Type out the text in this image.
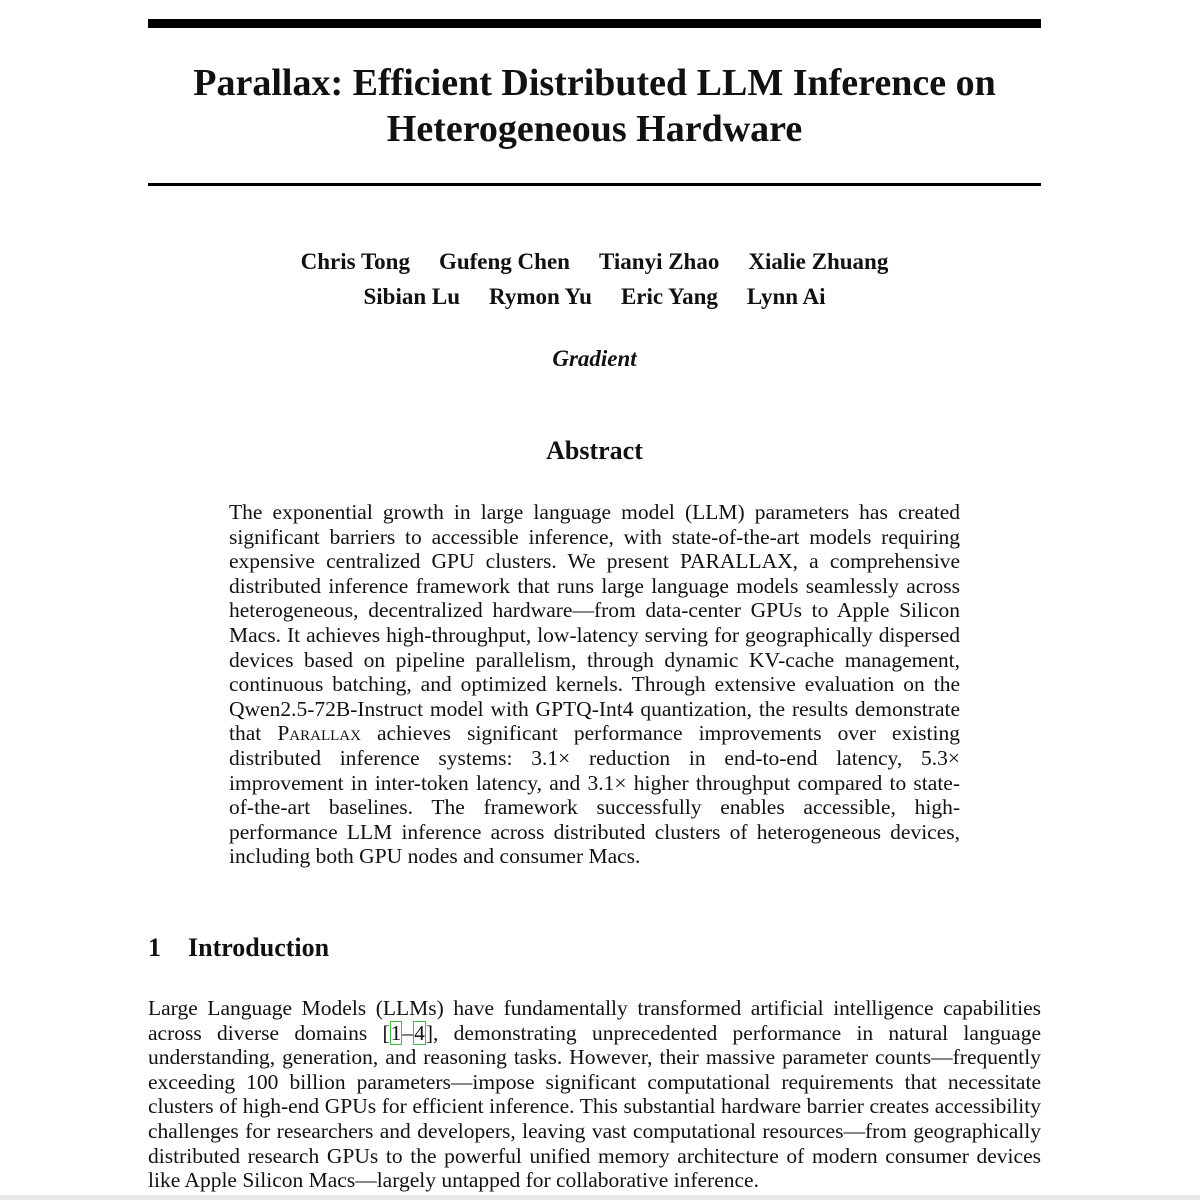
Parallax: Efficient Distributed LLM Inference on Heterogeneous Hardware
Chris Tong Gufeng Chen Tianyi Zhao Xialie Zhuang
Sibian Lu Rymon Yu Eric Yang Lynn Ai
Gradient
Abstract

The exponential growth in large language model (LLM) parameters has created significant barriers to accessible inference, with state-of-the-art models requiring expensive centralized GPU clusters. We present PARALLAX, a comprehensive distributed inference framework that runs large language models seamlessly across heterogeneous, decentralized hardware—from data-center GPUs to Apple Silicon Macs. It achieves high-throughput, low-latency serving for geographically dispersed devices based on pipeline parallelism, through dynamic KV-cache management, continuous batching, and optimized kernels. Through extensive evaluation on the Qwen2.5-72B-Instruct model with GPTQ-Int4 quantization, the results demonstrate that Parallax achieves significant performance improvements over existing distributed inference systems: 3.1× reduction in end-to-end latency, 5.3× improvement in inter-token latency, and 3.1× higher throughput compared to state-of-the-art baselines. The framework successfully enables accessible, high-performance LLM inference across distributed clusters of heterogeneous devices, including both GPU nodes and consumer Macs.

1 Introduction

Large Language Models (LLMs) have fundamentally transformed artificial intelligence capabilities across diverse domains [1–4], demonstrating unprecedented performance in natural language understanding, generation, and reasoning tasks. However, their massive parameter counts—frequently exceeding 100 billion parameters—impose significant computational requirements that necessitate clusters of high-end GPUs for efficient inference. This substantial hardware barrier creates accessibility challenges for researchers and developers, leaving vast computational resources—from geographically distributed research GPUs to the powerful unified memory architecture of modern consumer devices like Apple Silicon Macs—largely untapped for collaborative inference.
